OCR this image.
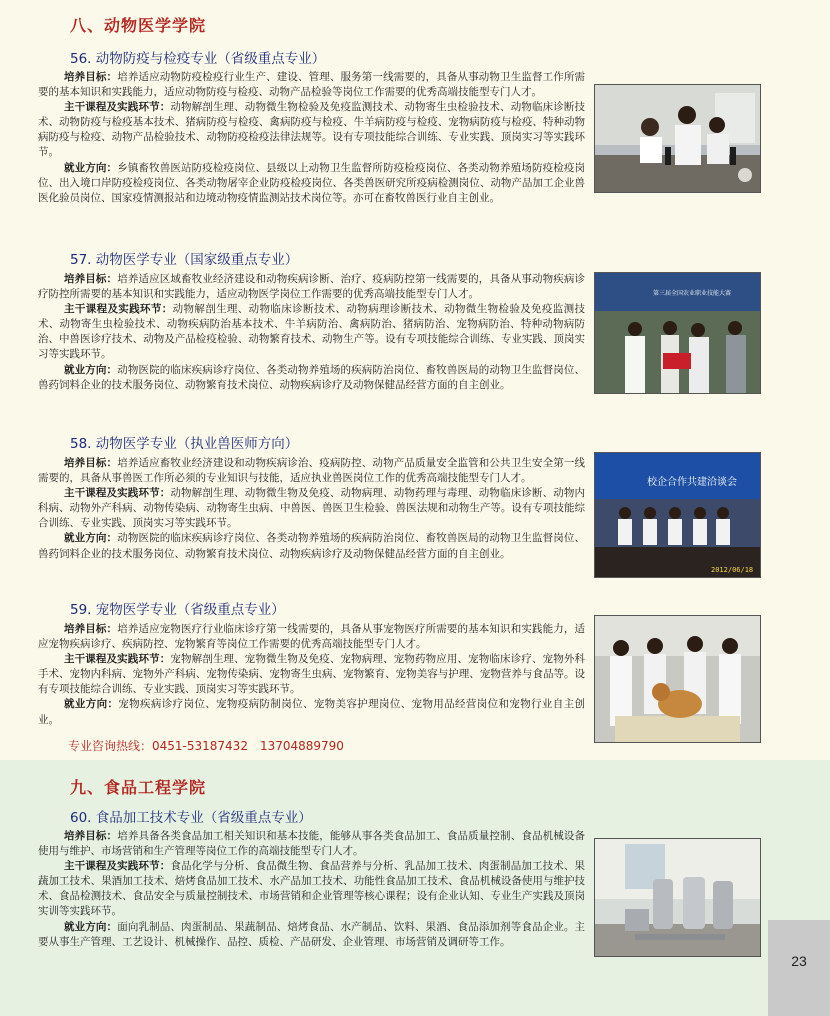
八、动物医学学院
56. 动物防疫与检疫专业（省级重点专业）

培养目标：培养适应动物防疫检疫行业生产、建设、管理、服务第一线需要的，具备从事动物卫生监督工作所需要的基本知识和实践能力，适应动物防疫与检疫、动物产品检验等岗位工作需要的优秀高端技能型专门人才。

主干课程及实践环节：动物解剖生理、动物微生物检验及免疫监测技术、动物寄生虫检验技术、动物临床诊断技术、动物防疫与检疫基本技术、猪病防疫与检疫、禽病防疫与检疫、牛羊病防疫与检疫、宠物病防疫与检疫、特种动物病防疫与检疫、动物产品检验技术、动物防疫检疫法律法规等。设有专项技能综合训练、专业实践、顶岗实习等实践环节。

就业方向：乡镇畜牧兽医站防疫检疫岗位、县级以上动物卫生监督所防疫检疫岗位、各类动物养殖场防疫检疫岗位、出入境口岸防疫检疫岗位、各类动物屠宰企业防疫检疫岗位、各类兽医研究所疫病检测岗位、动物产品加工企业兽医化验员岗位、国家疫情测报站和边境动物疫情监测站技术岗位等。亦可在畜牧兽医行业自主创业。

57. 动物医学专业（国家级重点专业）

培养目标：培养适应区域畜牧业经济建设和动物疾病诊断、治疗、疫病防控第一线需要的，具备从事动物疾病诊疗防控所需要的基本知识和实践能力，适应动物医学岗位工作需要的优秀高端技能型专门人才。

主干课程及实践环节：动物解剖生理、动物临床诊断技术、动物病理诊断技术、动物微生物检验及免疫监测技术、动物寄生虫检验技术、动物疾病防治基本技术、牛羊病防治、禽病防治、猪病防治、宠物病防治、特种动物病防治、中兽医诊疗技术、动物及产品检疫检验、动物繁育技术、动物生产等。设有专项技能综合训练、专业实践、顶岗实习等实践环节。

就业方向：动物医院的临床疾病诊疗岗位、各类动物养殖场的疾病防治岗位、畜牧兽医局的动物卫生监督岗位、兽药饲料企业的技术服务岗位、动物繁育技术岗位、动物疾病诊疗及动物保健品经营方面的自主创业。

58. 动物医学专业（执业兽医师方向）

培养目标：培养适应畜牧业经济建设和动物疾病诊治、疫病防控、动物产品质量安全监管和公共卫生安全第一线需要的，具备从事兽医工作所必须的专业知识与技能，适应执业兽医岗位工作的优秀高端技能型专门人才。

主干课程及实践环节：动物解剖生理、动物微生物及免疫、动物病理、动物药理与毒理、动物临床诊断、动物内科病、动物外产科病、动物传染病、动物寄生虫病、中兽医、兽医卫生检验、兽医法规和动物生产等。设有专项技能综合训练、专业实践、顶岗实习等实践环节。

就业方向：动物医院的临床疾病诊疗岗位、各类动物养殖场的疾病防治岗位、畜牧兽医局的动物卫生监督岗位、兽药饲料企业的技术服务岗位、动物繁育技术岗位、动物疾病诊疗及动物保健品经营方面的自主创业。

59. 宠物医学专业（省级重点专业）

培养目标：培养适应宠物医疗行业临床诊疗第一线需要的，具备从事宠物医疗所需要的基本知识和实践能力，适应宠物疾病诊疗、疾病防控、宠物繁育等岗位工作需要的优秀高端技能型专门人才。

主干课程及实践环节：宠物解剖生理、宠物微生物及免疫、宠物病理、宠物药物应用、宠物临床诊疗、宠物外科手术、宠物内科病、宠物外产科病、宠物传染病、宠物寄生虫病、宠物繁育、宠物美容与护理、宠物营养与食品等。设有专项技能综合训练、专业实践、顶岗实习等实践环节。

就业方向：宠物疾病诊疗岗位、宠物疫病防制岗位、宠物美容护理岗位、宠物用品经营岗位和宠物行业自主创业。

专业咨询热线：0451-53187432　13704889790
九、食品工程学院
60. 食品加工技术专业（省级重点专业）

培养目标：培养具备各类食品加工相关知识和基本技能，能够从事各类食品加工、食品质量控制、食品机械设备使用与维护、市场营销和生产管理等岗位工作的高端技能型专门人才。

主干课程及实践环节：食品化学与分析、食品微生物、食品营养与分析、乳品加工技术、肉蛋制品加工技术、果蔬加工技术、果酒加工技术、焙烤食品加工技术、水产品加工技术、功能性食品加工技术、食品机械设备使用与维护技术、食品检测技术、食品安全与质量控制技术、市场营销和企业管理等核心课程；设有企业认知、专业生产实践及顶岗实训等实践环节。

就业方向：面向乳制品、肉蛋制品、果蔬制品、焙烤食品、水产制品、饮料、果酒、食品添加剂等食品企业。主要从事生产管理、工艺设计、机械操作、品控、质检、产品研发、企业管理、市场营销及调研等工作。

第三届全国农业职业技能大赛
校企合作共建洽谈会
2012/06/18
23
